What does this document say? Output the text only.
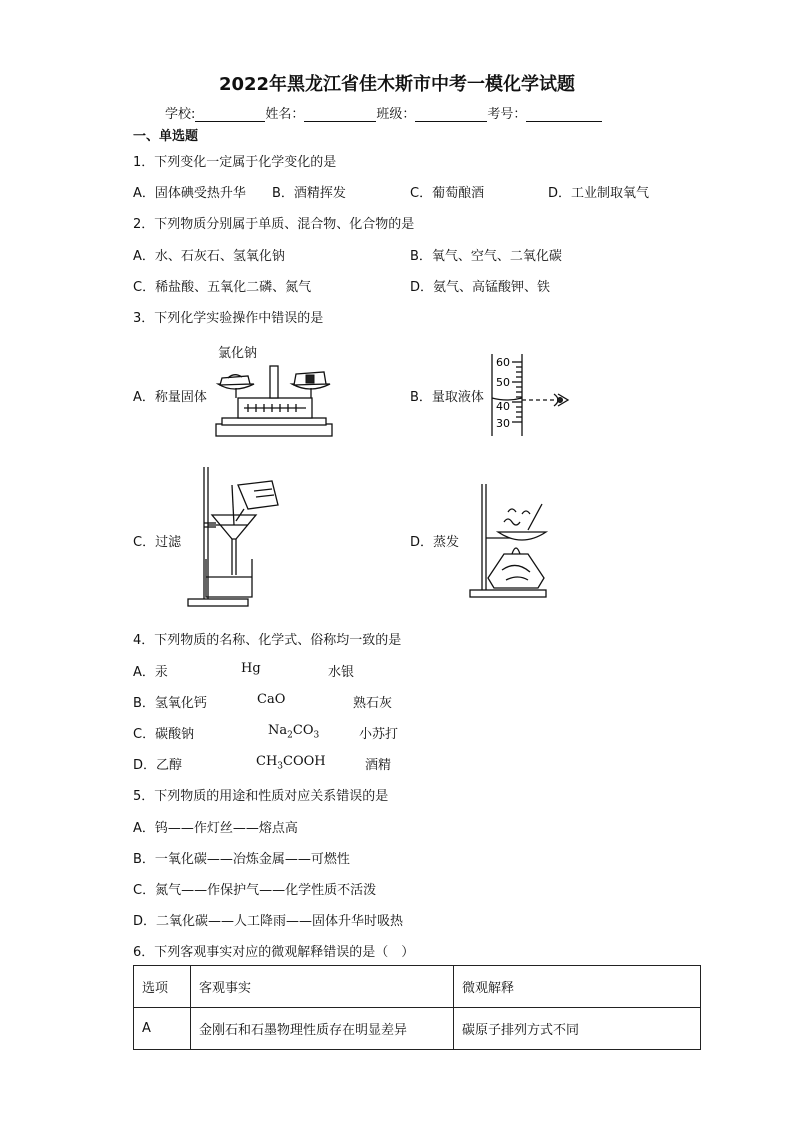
2022年黑龙江省佳木斯市中考一模化学试题
学校:	姓名：	班级：	考号：
一、单选题
1．下列变化一定属于化学变化的是
A．固体碘受热升华 B．酒精挥发	C．葡萄酿酒	D．工业制取氧气
2．下列物质分别属于单质、混合物、化合物的是
A．水、石灰石、氢氧化钠	B．氧气、空气、二氧化碳
C．稀盐酸、五氧化二磷、氮气	D．氨气、高锰酸钾、铁
3．下列化学实验操作中错误的是
A．称量固体
氯化钠
B．量取液体
60
50
40
30
C．过滤	D．蒸发
4．下列物质的名称、化学式、俗称均一致的是
A．汞	Hg	水银
B．氢氧化钙	CaO	熟石灰
C．碳酸钠	$Na_2CO_3$	小苏打
D．乙醇	$CH_3COOH$	酒精
5．下列物质的用途和性质对应关系错误的是
A．钨——作灯丝——熔点高
B．一氧化碳——冶炼金属——可燃性
C．氮气——作保护气——化学性质不活泼
D．二氧化碳——人工降雨——固体升华时吸热
6．下列客观事实对应的微观解释错误的是（　）
选项	客观事实	微观解释
A	金刚石和石墨物理性质存在明显差异	碳原子排列方式不同
